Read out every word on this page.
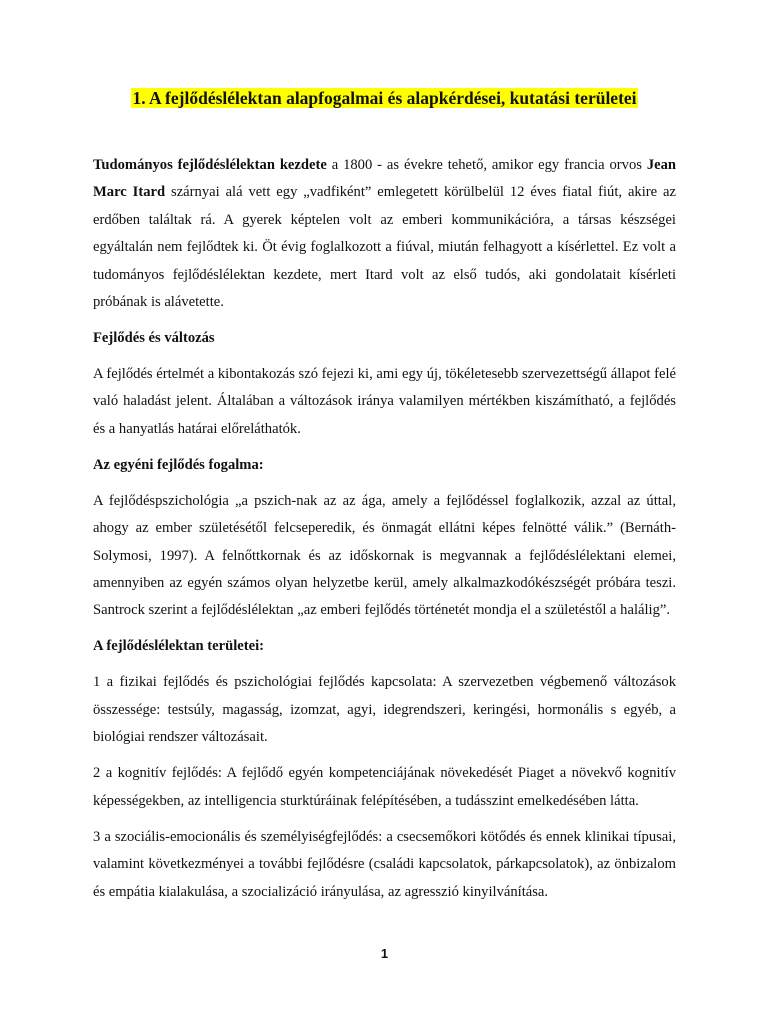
1. A fejlődéslélektan alapfogalmai és alapkérdései, kutatási területei

Tudományos fejlődéslélektan kezdete a 1800 - as évekre tehető, amikor egy francia orvos Jean Marc Itard szárnyai alá vett egy „vadfiként” emlegetett körülbelül 12 éves fiatal fiút, akire az erdőben találtak rá. A gyerek képtelen volt az emberi kommunikációra, a társas készségei egyáltalán nem fejlődtek ki. Öt évig foglalkozott a fiúval, miután felhagyott a kísérlettel. Ez volt a tudományos fejlődéslélektan kezdete, mert Itard volt az első tudós, aki gondolatait kísérleti próbának is alávetette.

Fejlődés és változás

A fejlődés értelmét a kibontakozás szó fejezi ki, ami egy új, tökéletesebb szervezettségű állapot felé való haladást jelent. Általában a változások iránya valamilyen mértékben kiszámítható, a fejlődés és a hanyatlás határai előreláthatók.

Az egyéni fejlődés fogalma:

A fejlődéspszichológia „a pszich-nak az az ága, amely a fejlődéssel foglalkozik, azzal az úttal, ahogy az ember születésétől felcseperedik, és önmagát ellátni képes felnötté válik.” (Bernáth-Solymosi, 1997). A felnőttkornak és az időskornak is megvannak a fejlődéslélektani elemei, amennyiben az egyén számos olyan helyzetbe kerül, amely alkalmazkodókészségét próbára teszi. Santrock szerint a fejlődéslélektan „az emberi fejlődés történetét mondja el a születéstől a halálig”.

A fejlődéslélektan területei:

1 a fizikai fejlődés és pszichológiai fejlődés kapcsolata: A szervezetben végbemenő változások összessége: testsúly, magasság, izomzat, agyi, idegrendszeri, keringési, hormonális s egyéb, a biológiai rendszer változásait.

2 a kognitív fejlődés: A fejlődő egyén kompetenciájának növekedését Piaget a növekvő kognitív képességekben, az intelligencia sturktúráinak felépítésében, a tudásszint emelkedésében látta.

3 a szociális-emocionális és személyiségfejlődés: a csecsemőkori kötődés és ennek klinikai típusai, valamint következményei a további fejlődésre (családi kapcsolatok, párkapcsolatok), az önbizalom és empátia kialakulása, a szocializáció irányulása, az agresszió kinyilvánítása.

1
